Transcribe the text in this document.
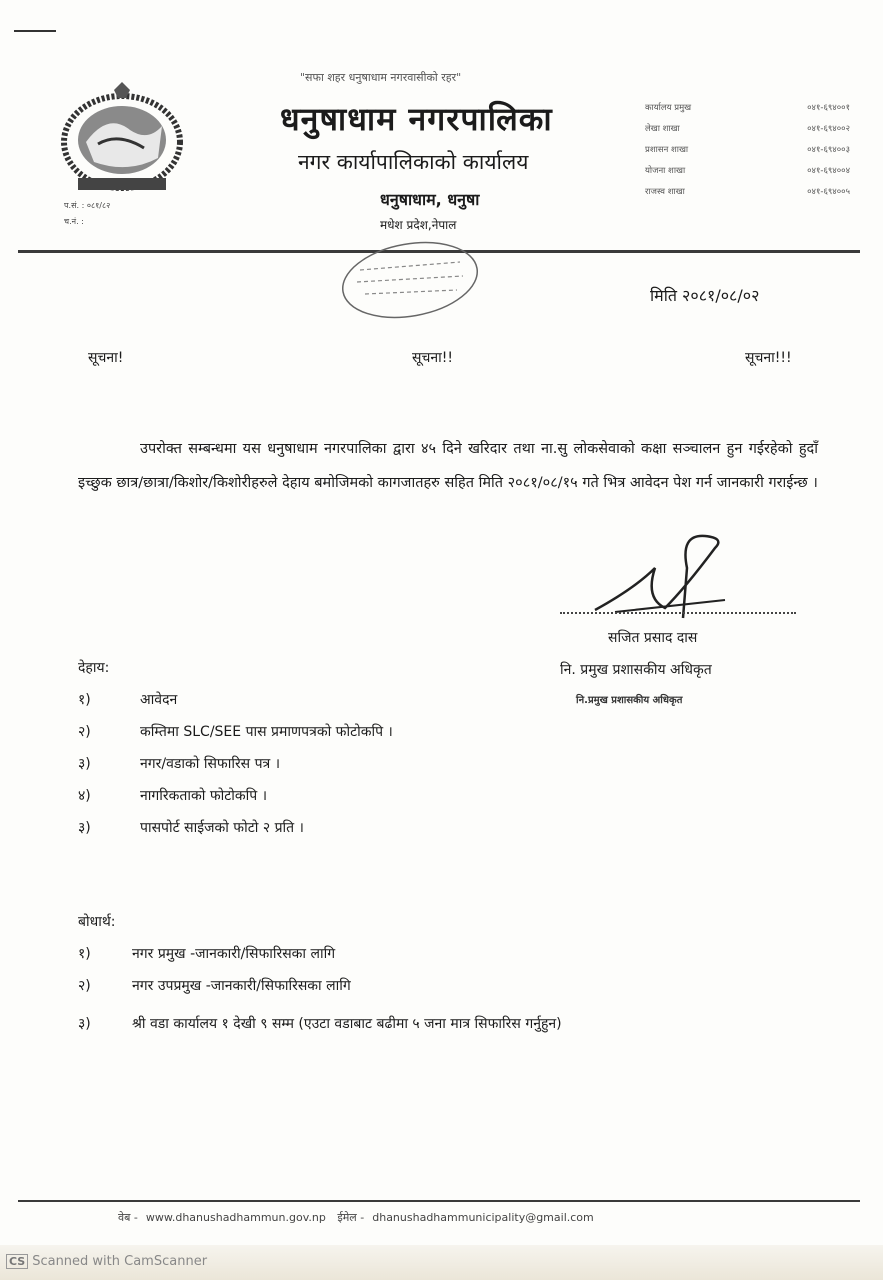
"सफा शहर धनुषाधाम नगरवासीको रहर"
प.सं. : ०८१/८२
च.नं. :
धनुषाधाम नगरपालिका
नगर कार्यापालिकाको कार्यालय
धनुषाधाम, धनुषा
मधेश प्रदेश,नेपाल
कार्यालय प्रमुख	०४१-६९४००१
लेखा शाखा	०४१-६९४००२
प्रशासन शाखा	०४१-६९४००३
योजना शाखा	०४१-६९४००४
राजस्व शाखा	०४१-६९४००५
मिति २०८१/०८/०२
सूचना!	सूचना!!	सूचना!!!
उपरोक्त सम्बन्धमा यस धनुषाधाम नगरपालिका द्वारा ४५ दिने खरिदार तथा ना.सु लोकसेवाको कक्षा सञ्चालन हुन गईरहेको हुदाँ इच्छुक छात्र/छात्रा/किशोर/किशोरीहरुले देहाय बमोजिमको कागजातहरु सहित मिति २०८१/०८/१५ गते भित्र आवेदन पेश गर्न जानकारी गराईन्छ ।
सजित प्रसाद दास
नि. प्रमुख प्रशासकीय अधिकृत
नि.प्रमुख प्रशासकीय अधिकृत
देहाय:
१)	आवेदन
२)	कम्तिमा SLC/SEE पास प्रमाणपत्रको फोटोकपि ।
३)	नगर/वडाको सिफारिस पत्र ।
४)	नागरिकताको फोटोकपि ।
३)	पासपोर्ट साईजको फोटो २ प्रति ।
बोधार्थ:
१)	नगर प्रमुख -जानकारी/सिफारिसका लागि
२)	नगर उपप्रमुख -जानकारी/सिफारिसका लागि
३)	श्री वडा कार्यालय १ देखी ९ सम्म (एउटा वडाबाट बढीमा ५ जना मात्र सिफारिस गर्नुहुन)
वेब - www.dhanushadhammun.gov.np ईमेल - dhanushadhammunicipality@gmail.com
CS Scanned with CamScanner
